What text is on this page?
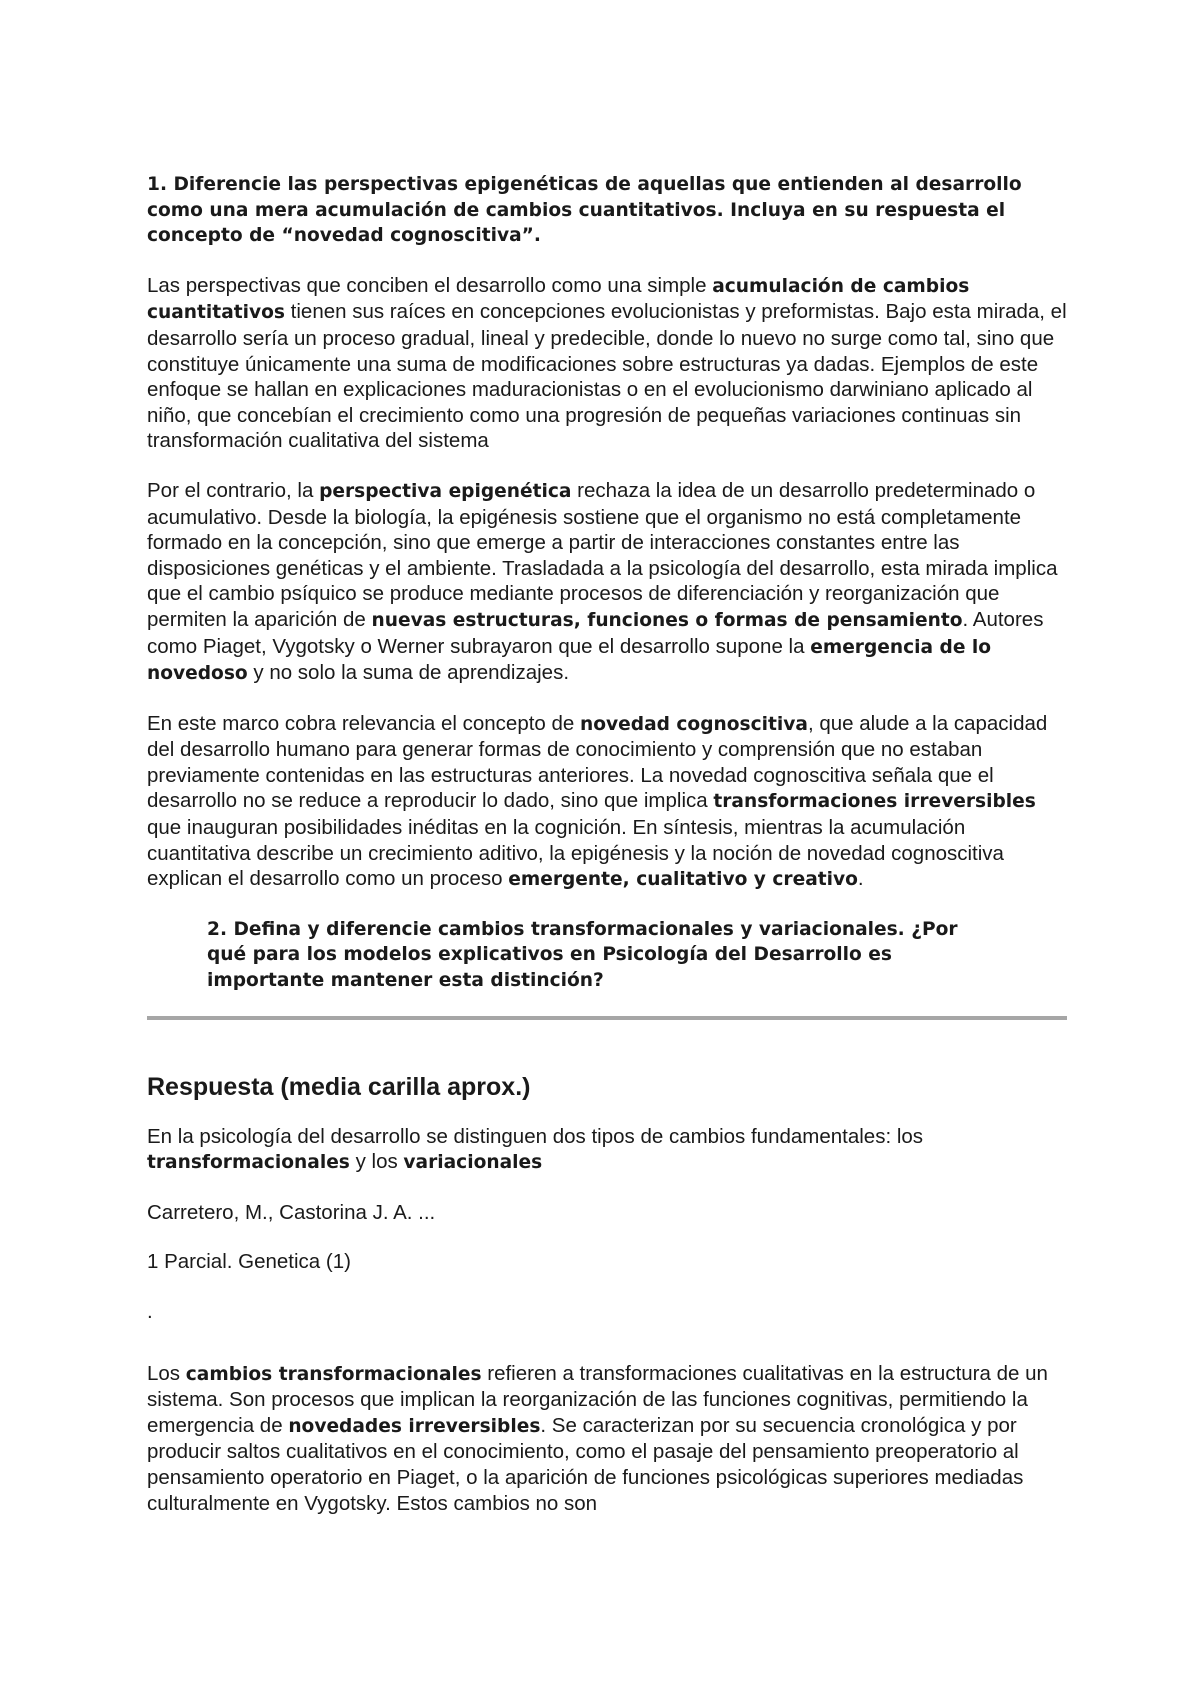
1. Diferencie las perspectivas epigenéticas de aquellas que entienden al desarrollo como una mera acumulación de cambios cuantitativos. Incluya en su respuesta el concepto de “novedad cognoscitiva”.

Las perspectivas que conciben el desarrollo como una simple acumulación de cambios cuantitativos tienen sus raíces en concepciones evolucionistas y preformistas. Bajo esta mirada, el desarrollo sería un proceso gradual, lineal y predecible, donde lo nuevo no surge como tal, sino que constituye únicamente una suma de modificaciones sobre estructuras ya dadas. Ejemplos de este enfoque se hallan en explicaciones maduracionistas o en el evolucionismo darwiniano aplicado al niño, que concebían el crecimiento como una progresión de pequeñas variaciones continuas sin transformación cualitativa del sistema

Por el contrario, la perspectiva epigenética rechaza la idea de un desarrollo predeterminado o acumulativo. Desde la biología, la epigénesis sostiene que el organismo no está completamente formado en la concepción, sino que emerge a partir de interacciones constantes entre las disposiciones genéticas y el ambiente. Trasladada a la psicología del desarrollo, esta mirada implica que el cambio psíquico se produce mediante procesos de diferenciación y reorganización que permiten la aparición de nuevas estructuras, funciones o formas de pensamiento. Autores como Piaget, Vygotsky o Werner subrayaron que el desarrollo supone la emergencia de lo novedoso y no solo la suma de aprendizajes.

En este marco cobra relevancia el concepto de novedad cognoscitiva, que alude a la capacidad del desarrollo humano para generar formas de conocimiento y comprensión que no estaban previamente contenidas en las estructuras anteriores. La novedad cognoscitiva señala que el desarrollo no se reduce a reproducir lo dado, sino que implica transformaciones irreversibles que inauguran posibilidades inéditas en la cognición. En síntesis, mientras la acumulación cuantitativa describe un crecimiento aditivo, la epigénesis y la noción de novedad cognoscitiva explican el desarrollo como un proceso emergente, cualitativo y creativo.

2. Defina y diferencie cambios transformacionales y variacionales. ¿Por qué para los modelos explicativos en Psicología del Desarrollo es importante mantener esta distinción?

Respuesta (media carilla aprox.)

En la psicología del desarrollo se distinguen dos tipos de cambios fundamentales: los transformacionales y los variacionales

Carretero, M., Castorina J. A. ...

1 Parcial. Genetica (1)

.

Los cambios transformacionales refieren a transformaciones cualitativas en la estructura de un sistema. Son procesos que implican la reorganización de las funciones cognitivas, permitiendo la emergencia de novedades irreversibles. Se caracterizan por su secuencia cronológica y por producir saltos cualitativos en el conocimiento, como el pasaje del pensamiento preoperatorio al pensamiento operatorio en Piaget, o la aparición de funciones psicológicas superiores mediadas culturalmente en Vygotsky. Estos cambios no son
